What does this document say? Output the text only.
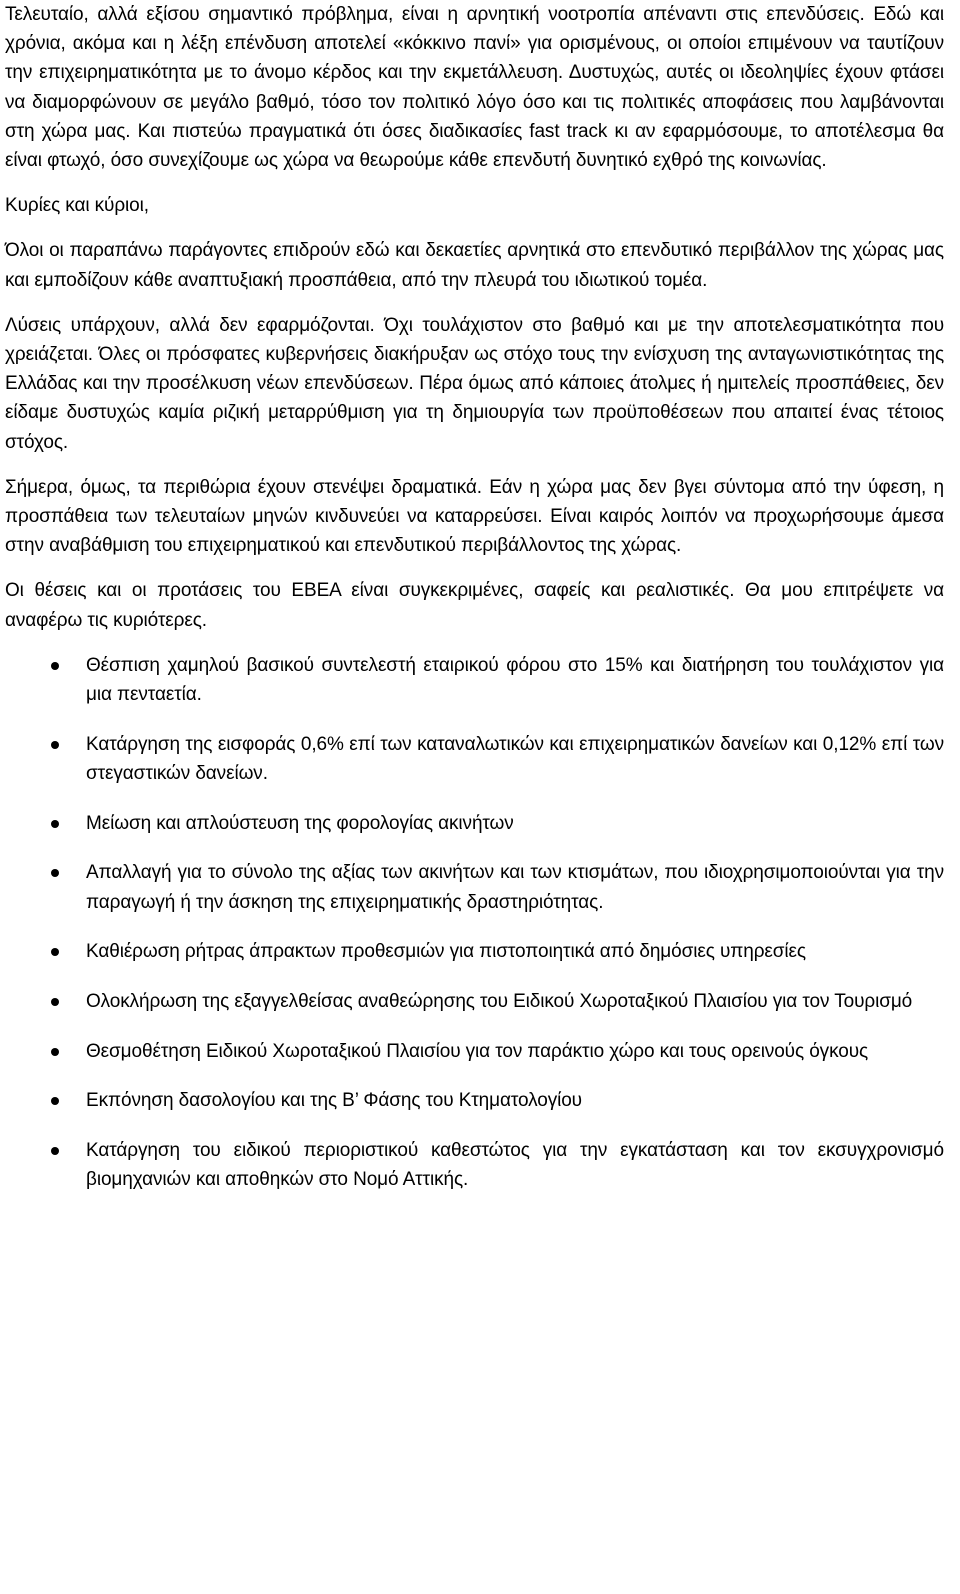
Τελευταίο, αλλά εξίσου σημαντικό πρόβλημα, είναι η αρνητική νοοτροπία απέναντι στις επενδύσεις. Εδώ και χρόνια, ακόμα και η λέξη επένδυση αποτελεί «κόκκινο πανί» για ορισμένους, οι οποίοι επιμένουν να ταυτίζουν την επιχειρηματικότητα με το άνομο κέρδος και την εκμετάλλευση. Δυστυχώς, αυτές οι ιδεοληψίες έχουν φτάσει να διαμορφώνουν σε μεγάλο βαθμό, τόσο τον πολιτικό λόγο όσο και τις πολιτικές αποφάσεις που λαμβάνονται στη χώρα μας. Και πιστεύω πραγματικά ότι όσες διαδικασίες fast track κι αν εφαρμόσουμε, το αποτέλεσμα θα είναι φτωχό, όσο συνεχίζουμε ως χώρα να θεωρούμε κάθε επενδυτή δυνητικό εχθρό της κοινωνίας.

Κυρίες και κύριοι,

Όλοι οι παραπάνω παράγοντες επιδρούν εδώ και δεκαετίες αρνητικά στο επενδυτικό περιβάλλον της χώρας μας και εμποδίζουν κάθε αναπτυξιακή προσπάθεια, από την πλευρά του ιδιωτικού τομέα.

Λύσεις υπάρχουν, αλλά δεν εφαρμόζονται. Όχι τουλάχιστον στο βαθμό και με την αποτελεσματικότητα που χρειάζεται. Όλες οι πρόσφατες κυβερνήσεις διακήρυξαν ως στόχο τους την ενίσχυση της ανταγωνιστικότητας της Ελλάδας και την προσέλκυση νέων επενδύσεων. Πέρα όμως από κάποιες άτολμες ή ημιτελείς προσπάθειες, δεν είδαμε δυστυχώς καμία ριζική μεταρρύθμιση για τη δημιουργία των προϋποθέσεων που απαιτεί ένας τέτοιος στόχος.

Σήμερα, όμως, τα περιθώρια έχουν στενέψει δραματικά. Εάν η χώρα μας δεν βγει σύντομα από την ύφεση, η προσπάθεια των τελευταίων μηνών κινδυνεύει να καταρρεύσει. Είναι καιρός λοιπόν να προχωρήσουμε άμεσα στην αναβάθμιση του επιχειρηματικού και επενδυτικού περιβάλλοντος της χώρας.

Οι θέσεις και οι προτάσεις του ΕΒΕΑ είναι συγκεκριμένες, σαφείς και ρεαλιστικές. Θα μου επιτρέψετε να αναφέρω τις κυριότερες.

Θέσπιση χαμηλού βασικού συντελεστή εταιρικού φόρου στο 15% και διατήρηση του τουλάχιστον για μια πενταετία.
Κατάργηση της εισφοράς 0,6% επί των καταναλωτικών και επιχειρηματικών δανείων και 0,12% επί των στεγαστικών δανείων.
Μείωση και απλούστευση της φορολογίας ακινήτων
Απαλλαγή για το σύνολο της αξίας των ακινήτων και των κτισμάτων, που ιδιοχρησιμοποιούνται για την παραγωγή ή την άσκηση της επιχειρηματικής δραστηριότητας.
Καθιέρωση ρήτρας άπρακτων προθεσμιών για πιστοποιητικά από δημόσιες υπηρεσίες
Ολοκλήρωση της εξαγγελθείσας αναθεώρησης του Ειδικού Χωροταξικού Πλαισίου για τον Τουρισμό
Θεσμοθέτηση Ειδικού Χωροταξικού Πλαισίου για τον παράκτιο χώρο και τους ορεινούς όγκους
Εκπόνηση δασολογίου και της Β’ Φάσης του Κτηματολογίου
Κατάργηση του ειδικού περιοριστικού καθεστώτος για την εγκατάσταση και τον εκσυγχρονισμό βιομηχανιών και αποθηκών στο Νομό Αττικής.
